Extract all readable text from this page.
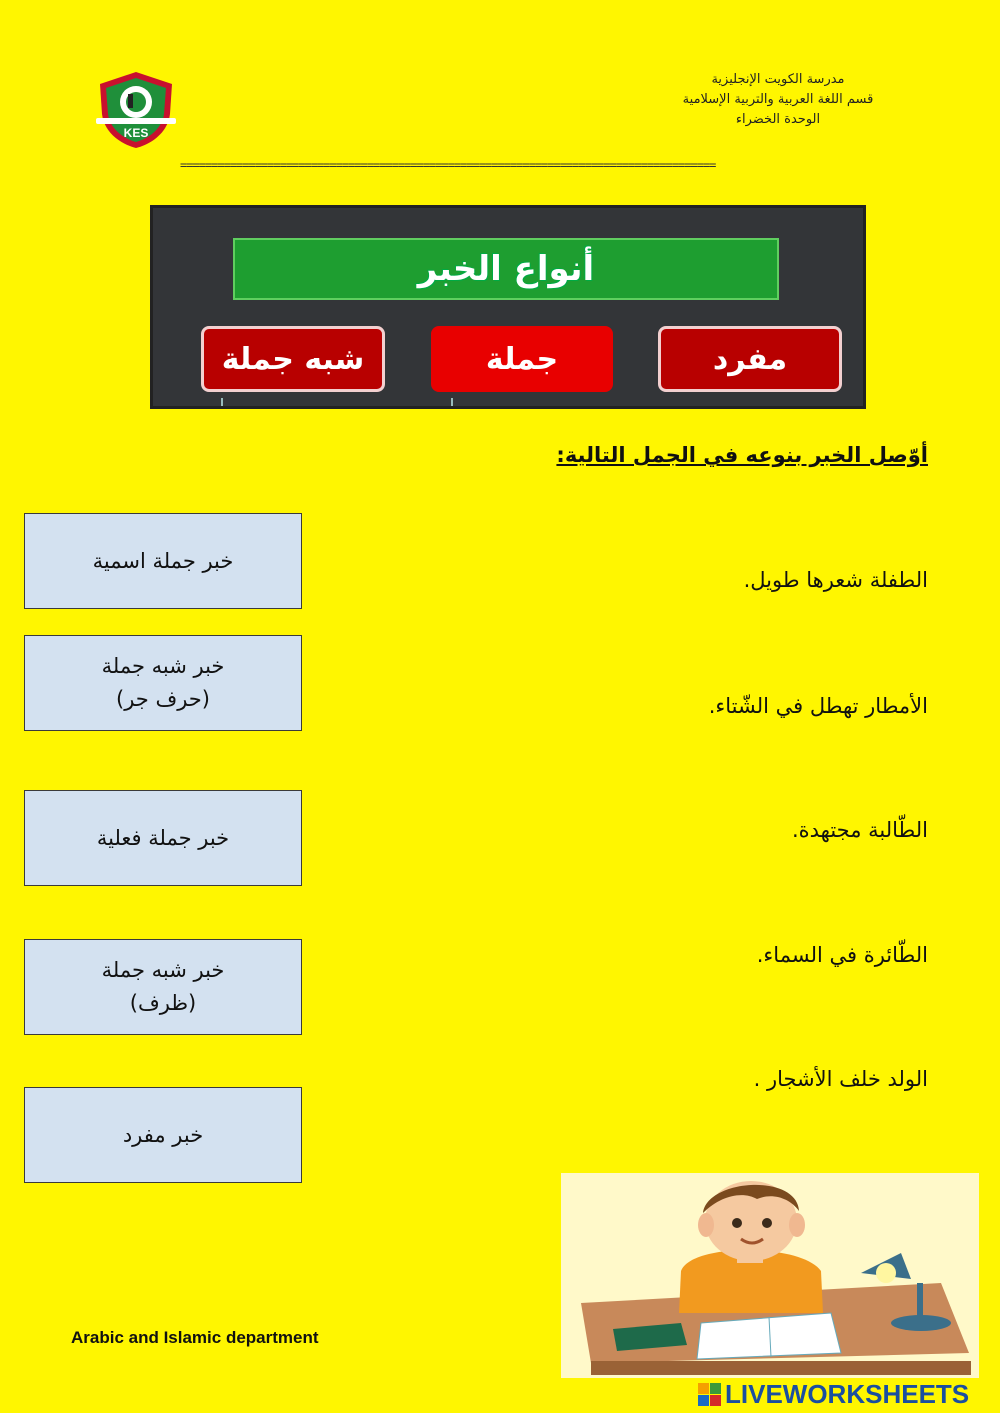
KES
مدرسة الكويت الإنجليزية
قسم اللغة العربية والتربية الإسلامية
الوحدة الخضراء
======================================================================================
أنواع الخبر
مفرد
جملة
شبه جملة
أوّصل الخبر بنوعه في الجمل التالية:
خبر جملة اسمية
خبر شبه جملة
(حرف جر)
خبر جملة فعلية
خبر شبه جملة
(ظرف)
خبر مفرد
الطفلة شعرها طويل.
الأمطار تهطل في الشّتاء.
الطّالبة مجتهدة.
الطّائرة في السماء.
الولد خلف الأشجار .
Arabic and Islamic department
LIVEWORKSHEETS
